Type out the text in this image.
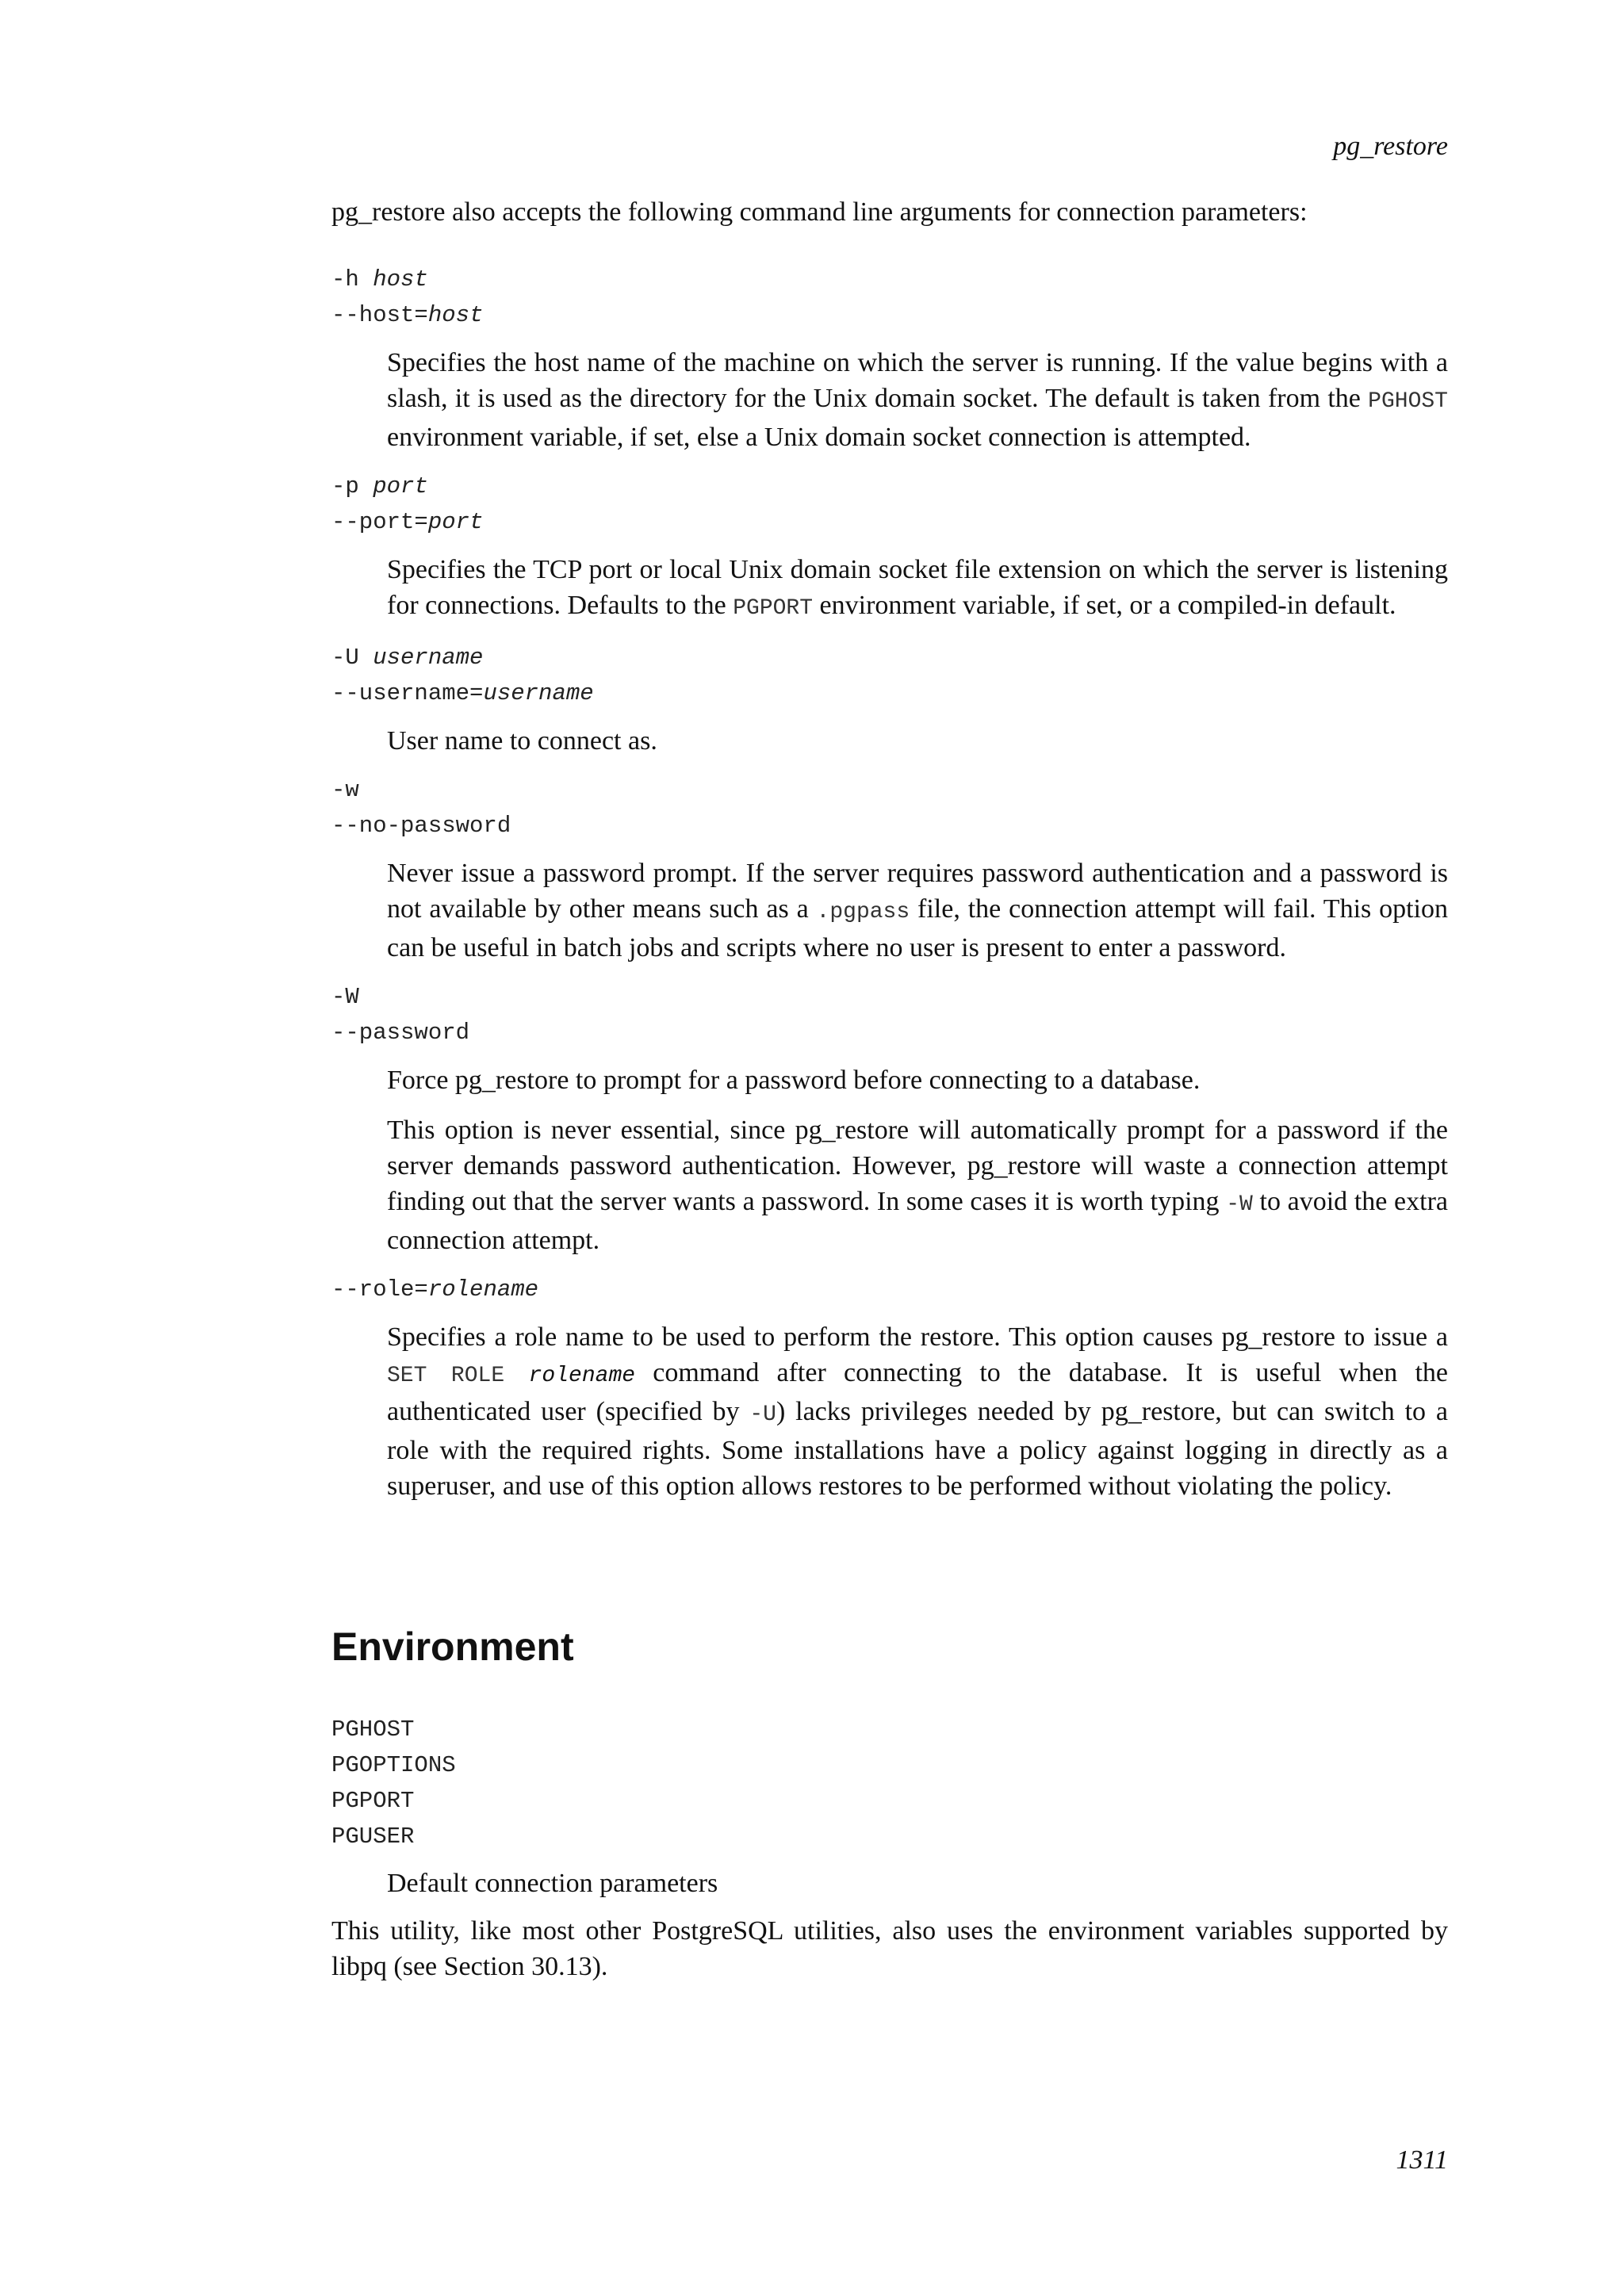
pg_restore

pg_restore also accepts the following command line arguments for connection parameters:

-h host
--host=host

Specifies the host name of the machine on which the server is running. If the value begins with a slash, it is used as the directory for the Unix domain socket. The default is taken from the PGHOST environment variable, if set, else a Unix domain socket connection is attempted.

-p port
--port=port

Specifies the TCP port or local Unix domain socket file extension on which the server is listening for connections. Defaults to the PGPORT environment variable, if set, or a compiled-in default.

-U username
--username=username

User name to connect as.

-w
--no-password

Never issue a password prompt. If the server requires password authentication and a password is not available by other means such as a .pgpass file, the connection attempt will fail. This option can be useful in batch jobs and scripts where no user is present to enter a password.

-W
--password

Force pg_restore to prompt for a password before connecting to a database.

This option is never essential, since pg_restore will automatically prompt for a password if the server demands password authentication. However, pg_restore will waste a connection attempt finding out that the server wants a password. In some cases it is worth typing -W to avoid the extra connection attempt.

--role=rolename

Specifies a role name to be used to perform the restore. This option causes pg_restore to issue a SET ROLE rolename command after connecting to the database. It is useful when the authenticated user (specified by -U) lacks privileges needed by pg_restore, but can switch to a role with the required rights. Some installations have a policy against logging in directly as a superuser, and use of this option allows restores to be performed without violating the policy.

Environment
PGHOST
PGOPTIONS
PGPORT
PGUSER

Default connection parameters

This utility, like most other PostgreSQL utilities, also uses the environment variables supported by libpq (see Section 30.13).

1311
